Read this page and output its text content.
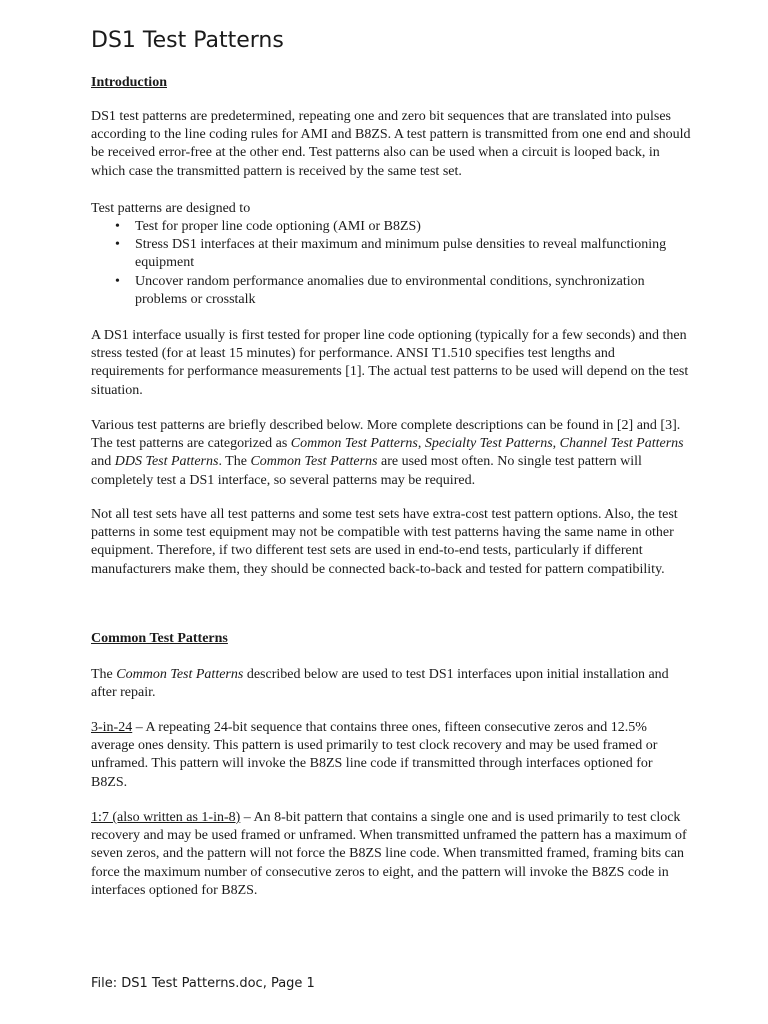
DS1 Test Patterns

Introduction

DS1 test patterns are predetermined, repeating one and zero bit sequences that are translated into pulses according to the line coding rules for AMI and B8ZS. A test pattern is transmitted from one end and should be received error-free at the other end. Test patterns also can be used when a circuit is looped back, in which case the transmitted pattern is received by the same test set.

Test patterns are designed to

• Test for proper line code optioning (AMI or B8ZS)
• Stress DS1 interfaces at their maximum and minimum pulse densities to reveal malfunctioning equipment
• Uncover random performance anomalies due to environmental conditions, synchronization problems or crosstalk

A DS1 interface usually is first tested for proper line code optioning (typically for a few seconds) and then stress tested (for at least 15 minutes) for performance. ANSI T1.510 specifies test lengths and requirements for performance measurements [1]. The actual test patterns to be used will depend on the test situation.

Various test patterns are briefly described below. More complete descriptions can be found in [2] and [3]. The test patterns are categorized as Common Test Patterns, Specialty Test Patterns, Channel Test Patterns and DDS Test Patterns. The Common Test Patterns are used most often. No single test pattern will completely test a DS1 interface, so several patterns may be required.

Not all test sets have all test patterns and some test sets have extra-cost test pattern options. Also, the test patterns in some test equipment may not be compatible with test patterns having the same name in other equipment. Therefore, if two different test sets are used in end-to-end tests, particularly if different manufacturers make them, they should be connected back-to-back and tested for pattern compatibility.

Common Test Patterns

The Common Test Patterns described below are used to test DS1 interfaces upon initial installation and after repair.

3-in-24 – A repeating 24-bit sequence that contains three ones, fifteen consecutive zeros and 12.5% average ones density. This pattern is used primarily to test clock recovery and may be used framed or unframed. This pattern will invoke the B8ZS line code if transmitted through interfaces optioned for B8ZS.

1:7 (also written as 1-in-8) – An 8-bit pattern that contains a single one and is used primarily to test clock recovery and may be used framed or unframed. When transmitted unframed the pattern has a maximum of seven zeros, and the pattern will not force the B8ZS line code. When transmitted framed, framing bits can force the maximum number of consecutive zeros to eight, and the pattern will invoke the B8ZS code in interfaces optioned for B8ZS.

File: DS1 Test Patterns.doc, Page 1
